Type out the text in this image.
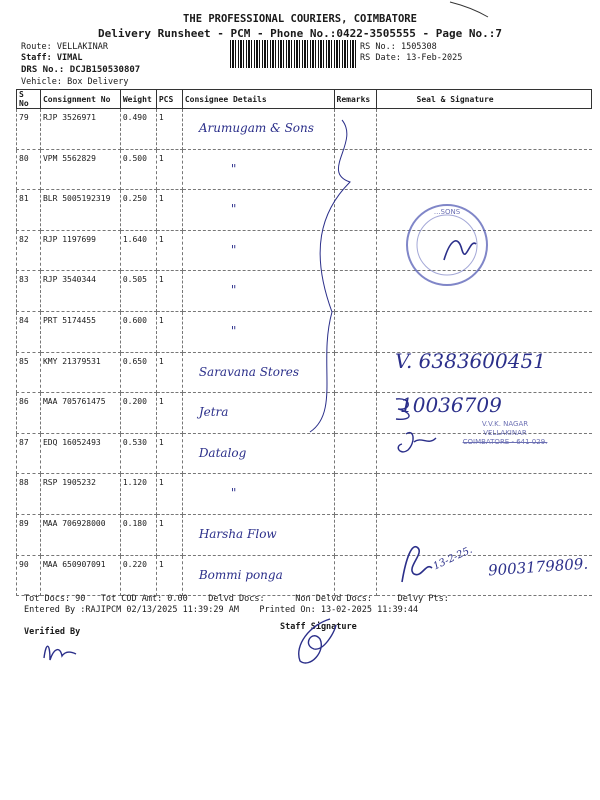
THE PROFESSIONAL COURIERS, COIMBATORE
Delivery Runsheet - PCM - Phone No.:0422-3505555 - Page No.:7
Route: VELLAKINAR
Staff: VIMAL
DRS No.: DCJB150530807
Vehicle: Box Delivery
RS No.: 1505308
RS Date: 13-Feb-2025
S No	Consignment No	Weight	PCS	Consignee Details	Remarks	Seal & Signature
79	RJP 3526971	0.490	1	Arumugam & Sons		
80	VPM 5562829	0.500	1	"		
81	BLR 5005192319	0.250	1	"		
82	RJP 1197699	1.640	1	"		
83	RJP 3540344	0.505	1	"		
84	PRT 5174455	0.600	1	"		
85	KMY 21379531	0.650	1	Saravana Stores		
86	MAA 705761475	0.200	1	Jetra		
87	EDQ 16052493	0.530	1	Datalog		
88	RSP 1905232	1.120	1	"		
89	MAA 706928000	0.180	1	Harsha Flow		
90	MAA 650907091	0.220	1	Bommi ponga		
...SONS
V. 6383600451
10036709
V.V.K. NAGAR
VELLAKINAR
COIMBATORE - 641 029.
13-2-25. 9003179809.
Tot Docs: 90 Tot COD Amt: 0.00 Delvd Docs:	Non Delvd Docs:	Delvy Pts:
Entered By :RAJIPCM 02/13/2025 11:39:29 AM Printed On: 13-02-2025 11:39:44
Verified By	Staff Signature
